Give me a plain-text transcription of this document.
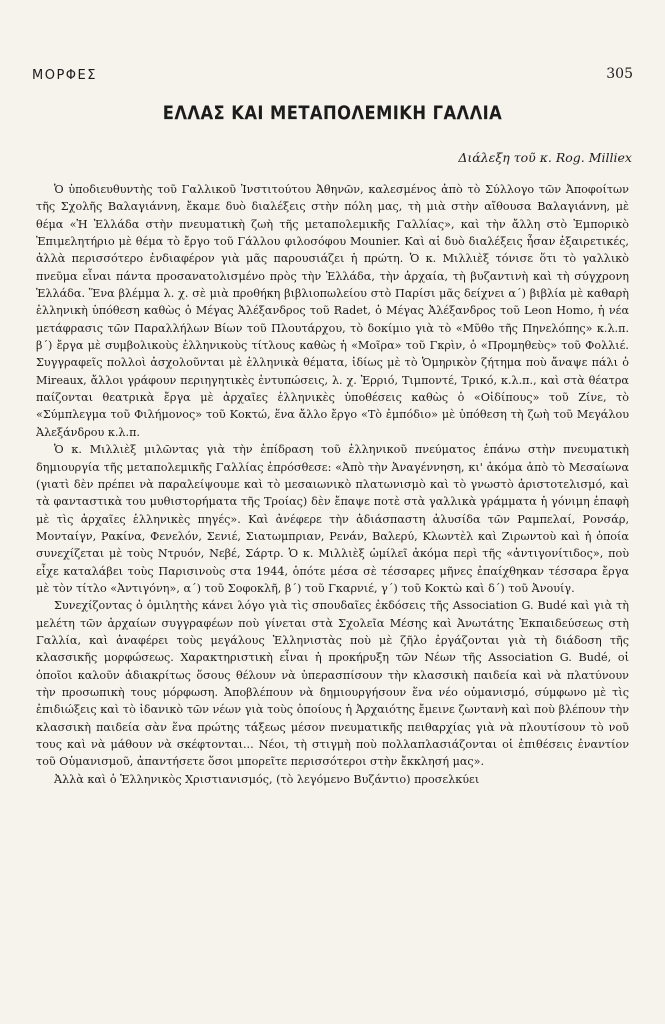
ΜΟΡΦΕΣ	305
ΕΛΛΑΣ ΚΑΙ ΜΕΤΑΠΟΛΕΜΙΚΗ ΓΑΛΛΙΑ
Διάλεξη τοῦ κ. Rog. Milliex

Ὁ ὑποδιευθυντὴς τοῦ Γαλλικοῦ Ἰνστιτούτου Ἀθηνῶν, καλεσμένος ἀπὸ τὸ Σύλλογο τῶν Ἀποφοίτων τῆς Σχολῆς Βαλαγιάννη, ἔκαμε δυὸ διαλέξεις στὴν πόλη μας, τὴ μιὰ στὴν αἴθουσα Βαλαγιάννη, μὲ θέμα «Ἡ Ἑλλάδα στὴν πνευματικὴ ζωὴ τῆς μεταπολεμικῆς Γαλλίας», καὶ τὴν ἄλλη στὸ Ἐμπορικὸ Ἐπιμελητήριο μὲ θέμα τὸ ἔργο τοῦ Γάλλου φιλοσόφου Mounier. Καὶ αἱ δυὸ διαλέξεις ἦσαν ἐξαιρετικές, ἀλλὰ περισσότερο ἐνδιαφέρον γιὰ μᾶς παρουσιάζει ἡ πρώτη. Ὁ κ. Μιλλιὲξ τόνισε ὅτι τὸ γαλλικὸ πνεῦμα εἶναι πάντα προσανατολισμένο πρὸς τὴν Ἑλλάδα, τὴν ἀρχαία, τὴ βυζαντινὴ καὶ τὴ σύγχρονη Ἑλλάδα. Ἕνα βλέμμα λ. χ. σὲ μιὰ προθήκη βιβλιοπωλείου στὸ Παρίσι μᾶς δείχνει α΄) βιβλία μὲ καθαρὴ ἑλληνικὴ ὑπόθεση καθὼς ὁ Μέγας Ἀλέξανδρος τοῦ Radet, ὁ Μέγας Ἀλέξανδρος τοῦ Leon Homo, ἡ νέα μετάφρασις τῶν Παραλλήλων Βίων τοῦ Πλουτάρχου, τὸ δοκίμιο γιὰ τὸ «Μῦθο τῆς Πηνελόπης» κ.λ.π. β΄) ἔργα μὲ συμβολικοὺς ἑλληνικοὺς τίτλους καθὼς ἡ «Μοῖρα» τοῦ Γκρὶν, ὁ «Προμηθεὺς» τοῦ Φολλιέ. Συγγραφεῖς πολλοὶ ἀσχολοῦνται μὲ ἑλληνικὰ θέματα, ἰδίως μὲ τὸ Ὁμηρικὸν ζήτημα ποὺ ἄναψε πάλι ὁ Mireaux, ἄλλοι γράφουν περιηγητικὲς ἐντυπώσεις, λ. χ. Ἐρριό, Τιμποντέ, Τρικό, κ.λ.π., καὶ στὰ θέατρα παίζονται θεατρικὰ ἔργα μὲ ἀρχαῖες ἑλληνικὲς ὑποθέσεις καθὼς ὁ «Οἰδίπους» τοῦ Ζίνε, τὸ «Σύμπλεγμα τοῦ Φιλήμονος» τοῦ Κοκτώ, ἕνα ἄλλο ἔργο «Τὸ ἐμπόδιο» μὲ ὑπόθεση τὴ ζωὴ τοῦ Μεγάλου Ἀλεξάνδρου κ.λ.π.

Ὁ κ. Μιλλιὲξ μιλῶντας γιὰ τὴν ἐπίδραση τοῦ ἑλληνικοῦ πνεύματος ἐπάνω στὴν πνευματικὴ δημιουργία τῆς μεταπολεμικῆς Γαλλίας ἐπρόσθεσε: «Ἀπὸ τὴν Ἀναγέννηση, κι' ἀκόμα ἀπὸ τὸ Μεσαίωνα (γιατὶ δὲν πρέπει νὰ παραλείψουμε καὶ τὸ μεσαιωνικὸ πλατωνισμὸ καὶ τὸ γνωστὸ ἀριστοτελισμό, καὶ τὰ φανταστικὰ του μυθιστορήματα τῆς Τροίας) δὲν ἔπαψε ποτὲ στὰ γαλλικὰ γράμματα ἡ γόνιμη ἐπαφὴ μὲ τὶς ἀρχαῖες ἑλληνικὲς πηγές». Καὶ ἀνέφερε τὴν ἀδιάσπαστη ἀλυσίδα τῶν Ραμπελαί, Ρονσάρ, Μονταίγν, Ρακίνα, Φενελόν, Σενιέ, Σιατωμπριαν, Ρενάν, Βαλερύ, Κλωντὲλ καὶ Ζιρωντοὺ καὶ ἡ ὁποία συνεχίζεται μὲ τοὺς Ντρυόν, Νεβέ, Σάρτρ. Ὁ κ. Μιλλιὲξ ὡμίλεῖ ἀκόμα περὶ τῆς «ἀντιγονίτιδος», ποὺ εἶχε καταλάβει τοὺς Παρισινοὺς στα 1944, ὁπότε μέσα σὲ τέσσαρες μῆνες ἐπαίχθηκαν τέσσαρα ἔργα μὲ τὸν τίτλο «Ἀντιγόνη», α΄) τοῦ Σοφοκλῆ, β΄) τοῦ Γκαρνιέ, γ΄) τοῦ Κοκτὼ καὶ δ΄) τοῦ Ἀνουίγ.

Συνεχίζοντας ὁ ὁμιλητὴς κάνει λόγο γιὰ τὶς σπουδαῖες ἐκδόσεις τῆς Association G. Budé καὶ γιὰ τὴ μελέτη τῶν ἀρχαίων συγγραφέων ποὺ γίνεται στὰ Σχολεῖα Μέσης καὶ Ἀνωτάτης Ἐκπαιδεύσεως στὴ Γαλλία, καὶ ἀναφέρει τοὺς μεγάλους Ἑλληνιστὰς ποὺ μὲ ζῆλο ἐργάζονται γιὰ τὴ διάδοση τῆς κλασσικῆς μορφώσεως. Χαρακτηριστικὴ εἶναι ἡ προκήρυξη τῶν Νέων τῆς Association G. Budé, οἱ ὁποῖοι καλοῦν ἀδιακρίτως ὅσους θέλουν νὰ ὑπερασπίσουν τὴν κλασσικὴ παιδεία καὶ νὰ πλατύνουν τὴν προσωπικὴ τους μόρφωση. Ἀποβλέπουν νὰ δημιουργήσουν ἕνα νέο οὑμανισμό, σύμφωνο μὲ τὶς ἐπιδιώξεις καὶ τὸ ἰδανικὸ τῶν νέων γιὰ τοὺς ὁποίους ἡ Ἀρχαιότης ἔμεινε ζωντανὴ καὶ ποὺ βλέπουν τὴν κλασσικὴ παιδεία σὰν ἕνα πρώτης τάξεως μέσον πνευματικῆς πειθαρχίας γιὰ νὰ πλουτίσουν τὸ νοῦ τους καὶ νὰ μάθουν νὰ σκέφτονται... Νέοι, τὴ στιγμὴ ποὺ πολλαπλασιάζονται οἱ ἐπιθέσεις ἐναντίον τοῦ Οὑμανισμοῦ, ἀπαντήσετε ὅσοι μπορεῖτε περισσότεροι στὴν ἔκκλησή μας».

Ἀλλὰ καὶ ὁ Ἑλληνικὸς Χριστιανισμός, (τὸ λεγόμενο Βυζάντιο) προσελκύει
